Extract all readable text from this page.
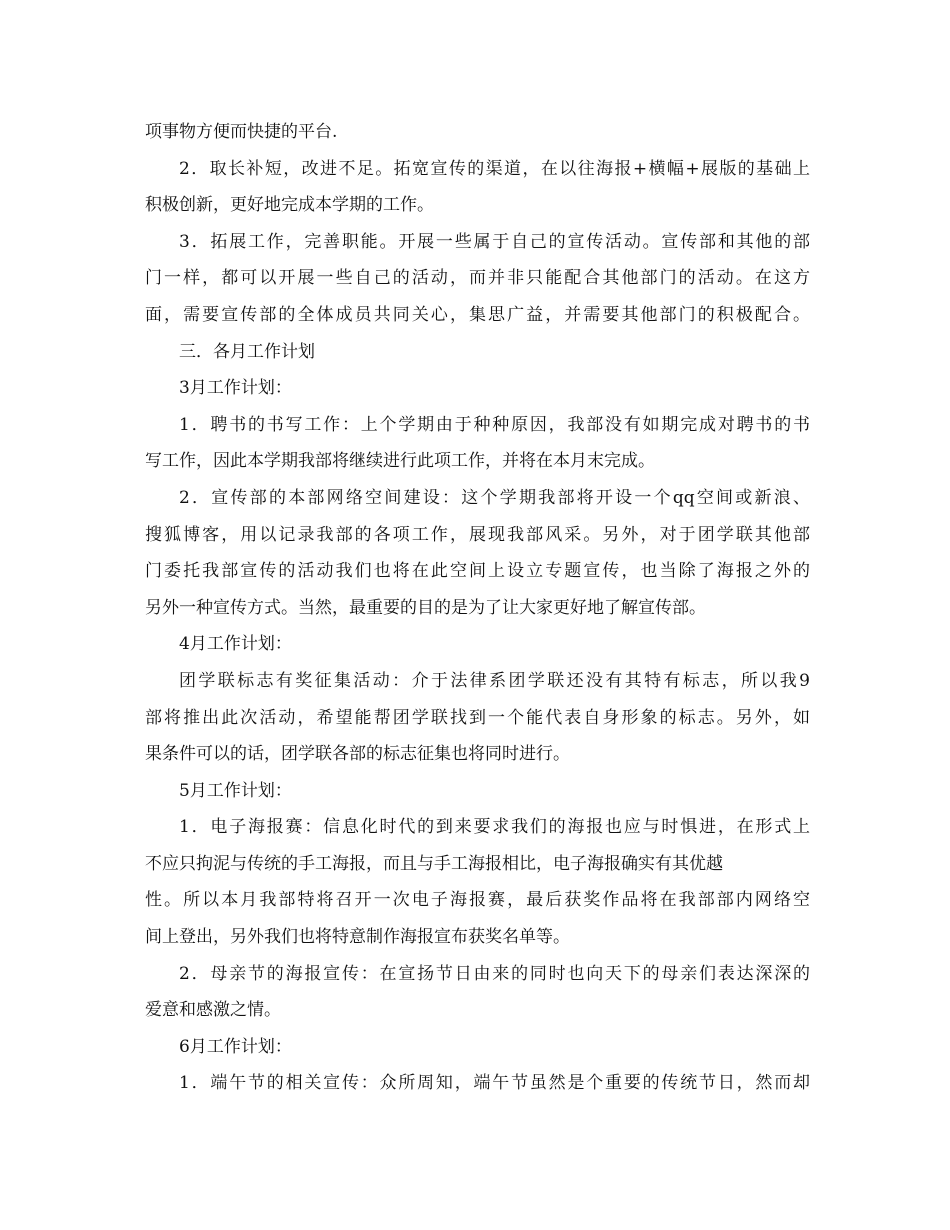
项事物方便而快捷的平台.
2．取长补短，改进不足。拓宽宣传的渠道，在以往海报+横幅+展版的基础上
积极创新，更好地完成本学期的工作。
3．拓展工作，完善职能。开展一些属于自己的宣传活动。宣传部和其他的部
门一样，都可以开展一些自己的活动，而并非只能配合其他部门的活动。在这方
面，需要宣传部的全体成员共同关心，集思广益，并需要其他部门的积极配合。
三．各月工作计划
3月工作计划：
1．聘书的书写工作：上个学期由于种种原因，我部没有如期完成对聘书的书
写工作，因此本学期我部将继续进行此项工作，并将在本月末完成。
2．宣传部的本部网络空间建设：这个学期我部将开设一个qq空间或新浪、
搜狐博客，用以记录我部的各项工作，展现我部风采。另外，对于团学联其他部
门委托我部宣传的活动我们也将在此空间上设立专题宣传，也当除了海报之外的
另外一种宣传方式。当然，最重要的目的是为了让大家更好地了解宣传部。
4月工作计划：
团学联标志有奖征集活动：介于法律系团学联还没有其特有标志，所以我9
部将推出此次活动，希望能帮团学联找到一个能代表自身形象的标志。另外，如
果条件可以的话，团学联各部的标志征集也将同时进行。
5月工作计划：
1．电子海报赛：信息化时代的到来要求我们的海报也应与时惧进，在形式上
不应只拘泥与传统的手工海报，而且与手工海报相比，电子海报确实有其优越
性。所以本月我部特将召开一次电子海报赛，最后获奖作品将在我部部内网络空
间上登出，另外我们也将特意制作海报宣布获奖名单等。
2．母亲节的海报宣传：在宣扬节日由来的同时也向天下的母亲们表达深深的
爱意和感激之情。
6月工作计划：
1．端午节的相关宣传：众所周知，端午节虽然是个重要的传统节日，然而却
